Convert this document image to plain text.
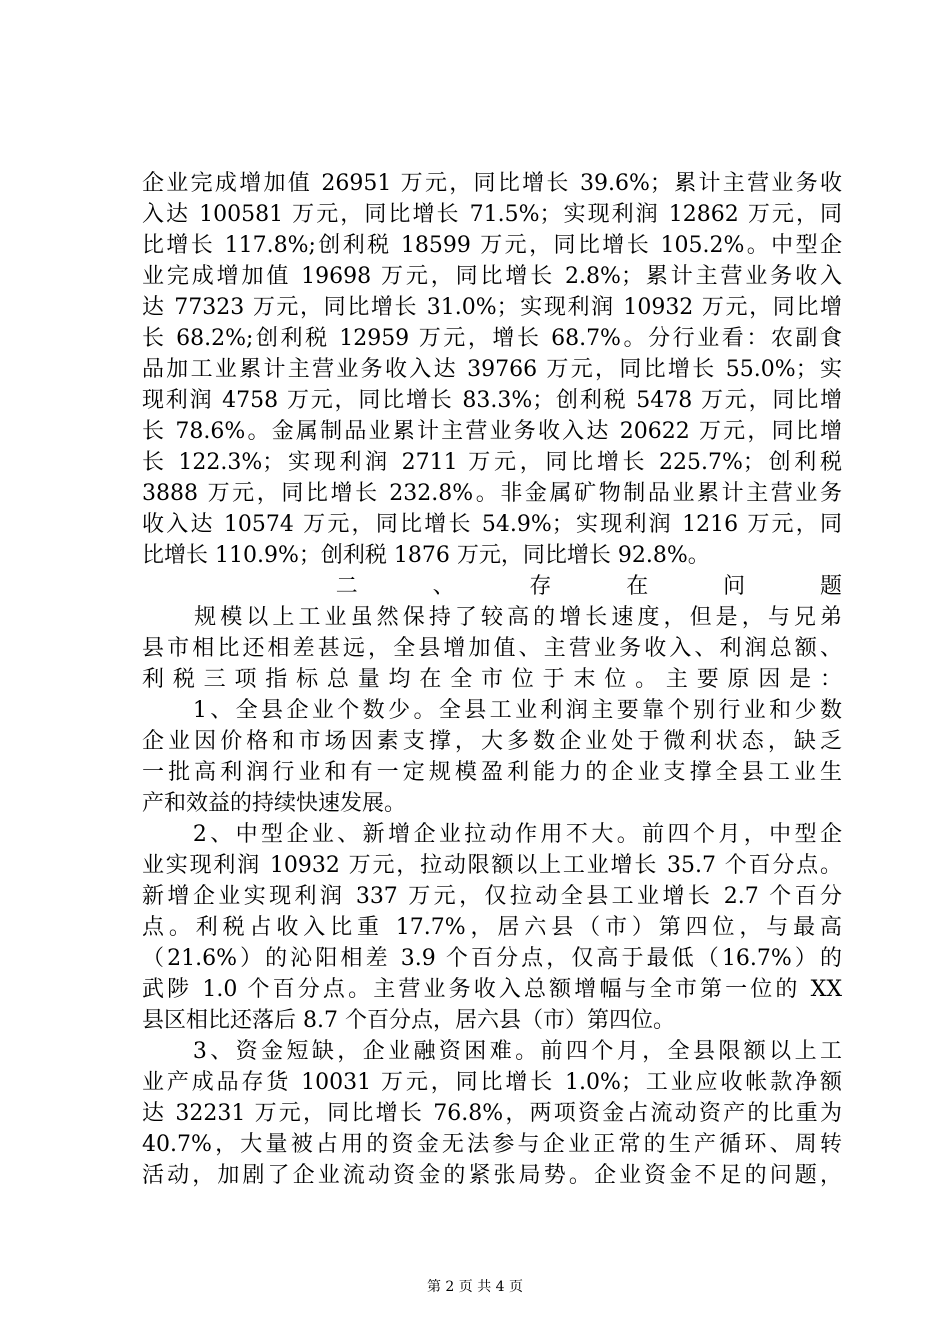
企业完成增加值 26951 万元，同比增长 39.6%；累计主营业务收
入达 100581 万元，同比增长 71.5%；实现利润 12862 万元，同
比增长 117.8%;创利税 18599 万元，同比增长 105.2%。中型企
业完成增加值 19698 万元，同比增长 2.8%；累计主营业务收入
达 77323 万元，同比增长 31.0%；实现利润 10932 万元，同比增
长 68.2%;创利税 12959 万元，增长 68.7%。分行业看：农副食
品加工业累计主营业务收入达 39766 万元，同比增长 55.0%；实
现利润 4758 万元，同比增长 83.3%；创利税 5478 万元，同比增
长 78.6%。金属制品业累计主营业务收入达 20622 万元，同比增
长 122.3%；实现利润 2711 万元，同比增长 225.7%；创利税
3888 万元，同比增长 232.8%。非金属矿物制品业累计主营业务
收入达 10574 万元，同比增长 54.9%；实现利润 1216 万元，同
比增长 110.9%；创利税 1876 万元，同比增长 92.8%。
　　二、存在问题
　　规模以上工业虽然保持了较高的增长速度，但是，与兄弟
县市相比还相差甚远，全县增加值、主营业务收入、利润总额、
利税三项指标总量均在全市位于末位。主要原因是：
　　1、全县企业个数少。全县工业利润主要靠个别行业和少数
企业因价格和市场因素支撑，大多数企业处于微利状态，缺乏
一批高利润行业和有一定规模盈利能力的企业支撑全县工业生
产和效益的持续快速发展。
　　2、中型企业、新增企业拉动作用不大。前四个月，中型企
业实现利润 10932 万元，拉动限额以上工业增长 35.7 个百分点。
新增企业实现利润 337 万元，仅拉动全县工业增长 2.7 个百分
点。利税占收入比重 17.7%，居六县（市）第四位，与最高
（21.6%）的沁阳相差 3.9 个百分点，仅高于最低（16.7%）的
武陟 1.0 个百分点。主营业务收入总额增幅与全市第一位的 XX
县区相比还落后 8.7 个百分点，居六县（市）第四位。
　　3、资金短缺，企业融资困难。前四个月，全县限额以上工
业产成品存货 10031 万元，同比增长 1.0%；工业应收帐款净额
达 32231 万元，同比增长 76.8%，两项资金占流动资产的比重为
40.7%，大量被占用的资金无法参与企业正常的生产循环、周转
活动，加剧了企业流动资金的紧张局势。企业资金不足的问题，
第 2 页 共 4 页
